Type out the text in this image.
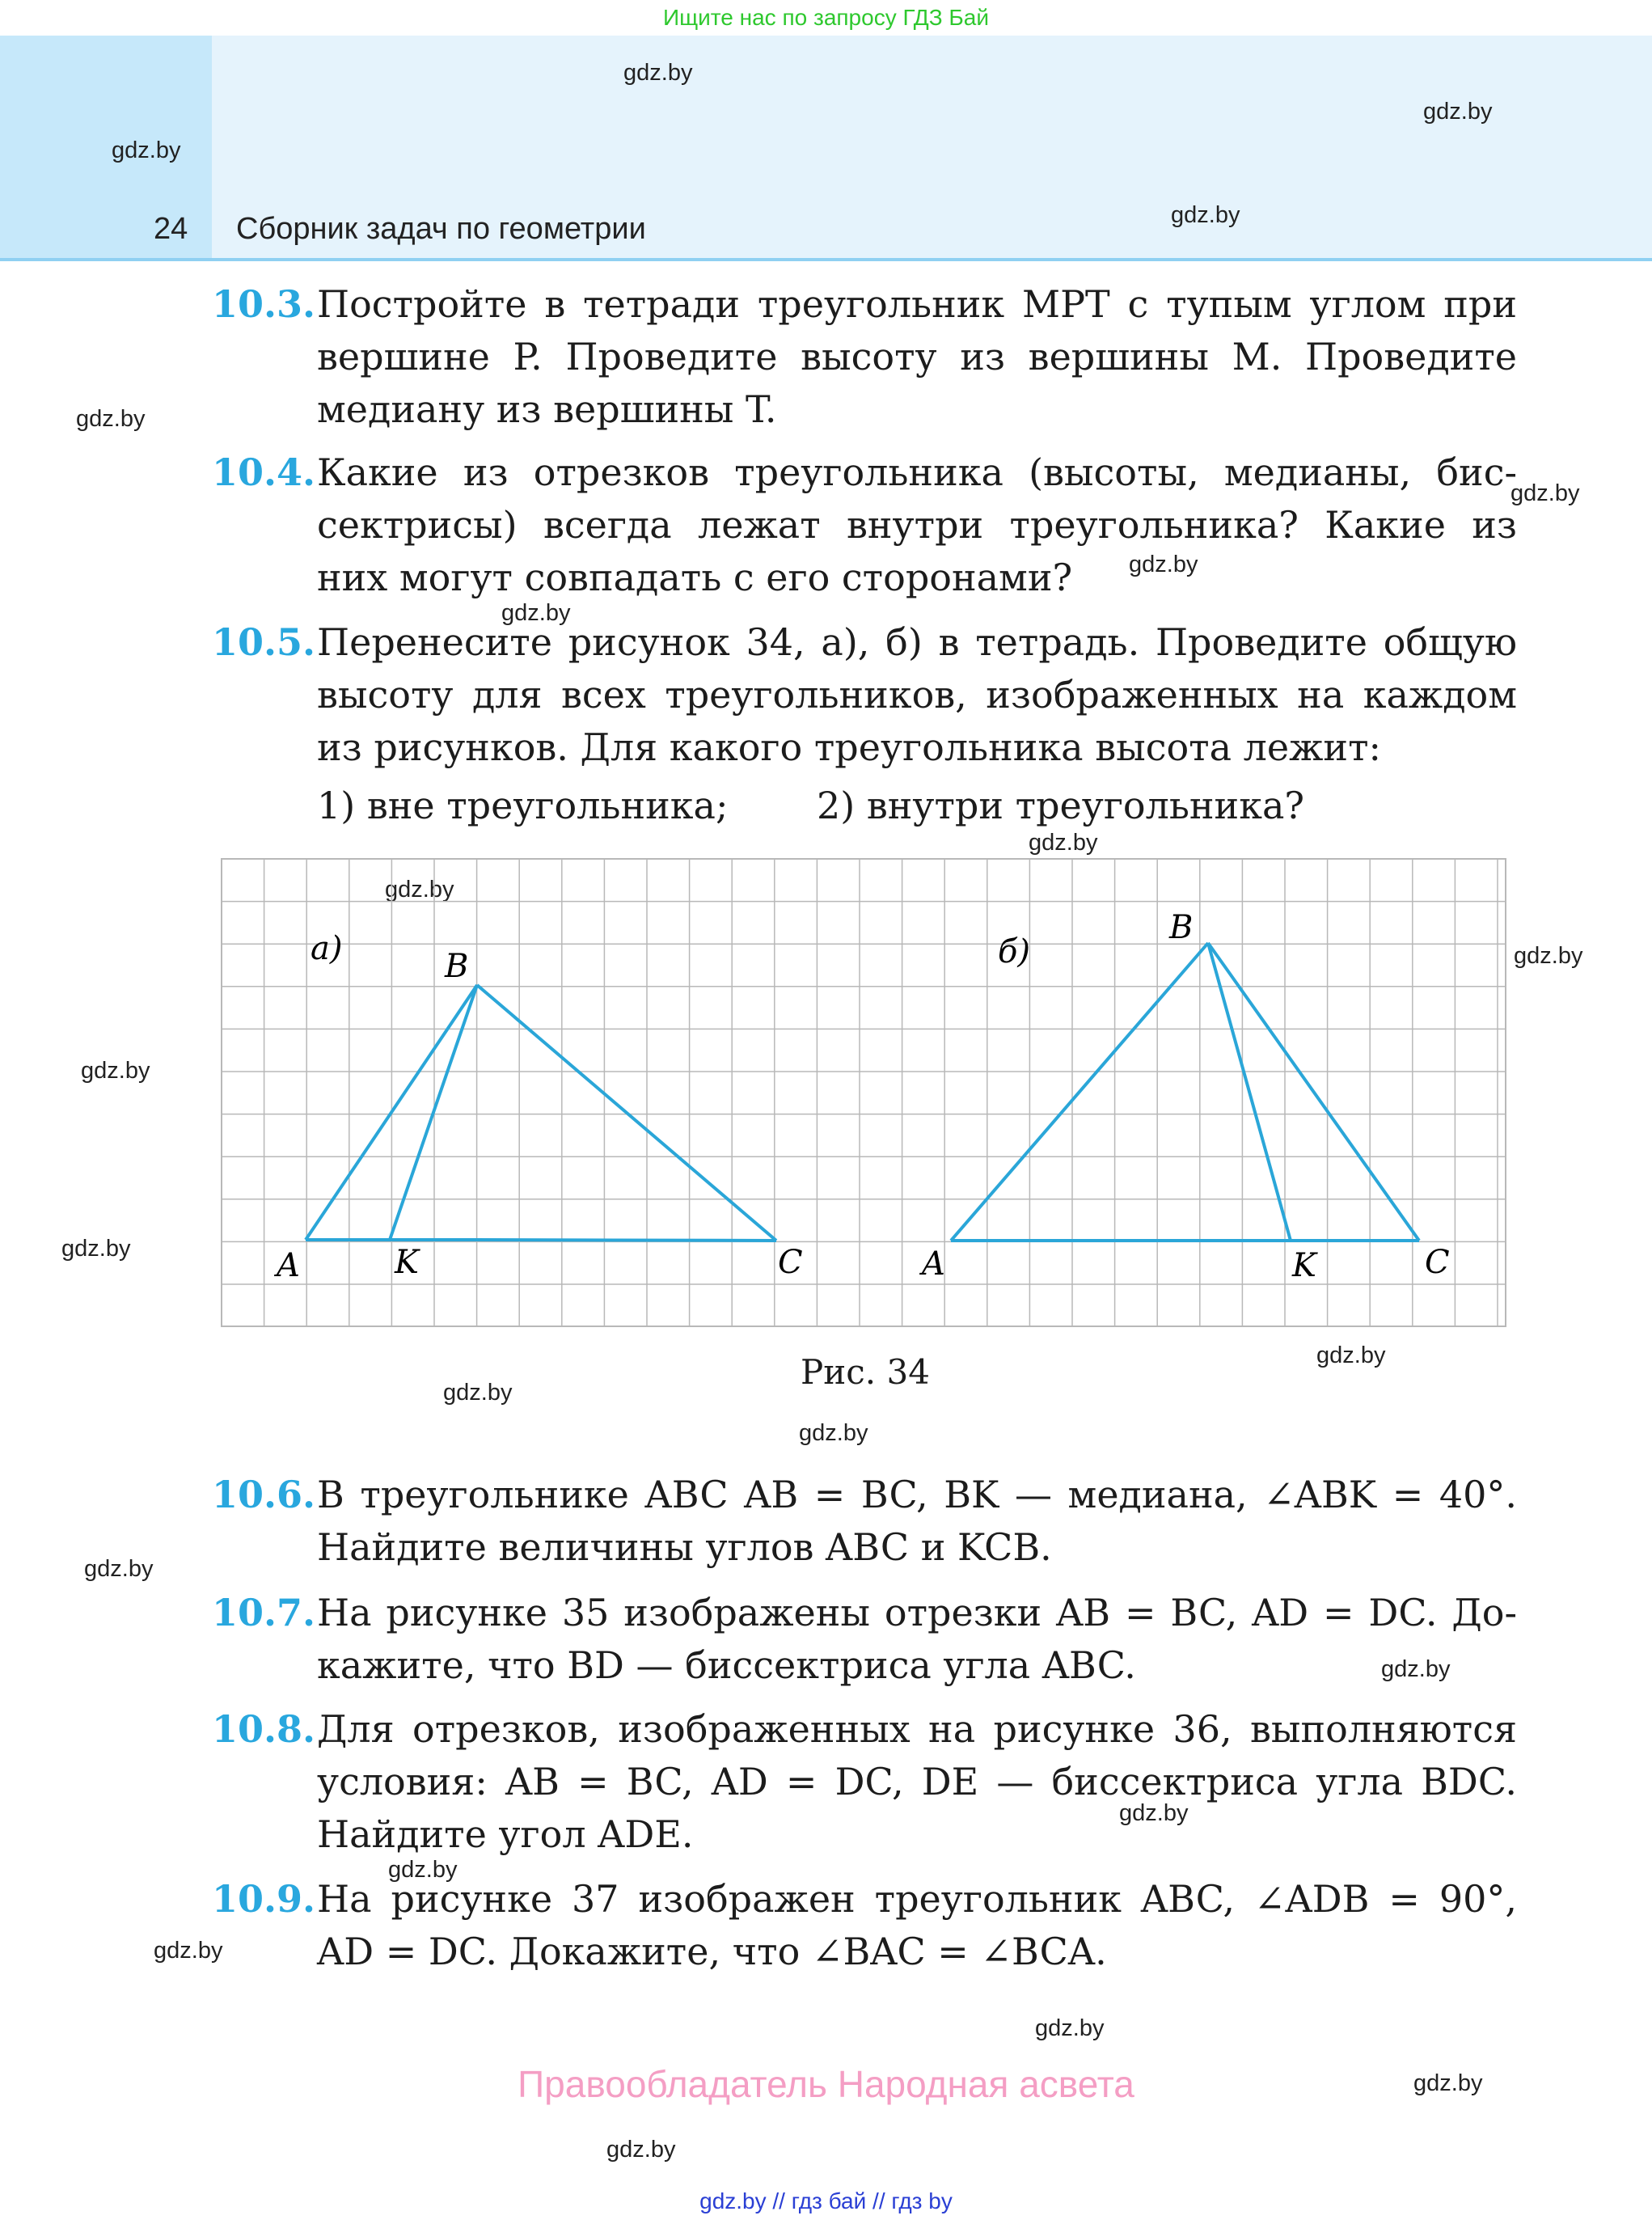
Ищите нас по запросу ГДЗ Бай
24 Сборник задач по геометрии
gdz.by
gdz.by
gdz.by
gdz.by
gdz.by
gdz.by
gdz.by
gdz.by
gdz.by
gdz.by
gdz.by
gdz.by
gdz.by
gdz.by
gdz.by
gdz.by
gdz.by
gdz.by
gdz.by
gdz.by
gdz.by
gdz.by
gdz.by
gdz.by
10.3. Постройте в тетради треугольник MPT с тупым углом при
вершине P. Проведите высоту из вершины M. Проведите
медиану из вершины T.
10.4. Какие из отрезков треугольника (высоты, медианы, бис-
сектрисы) всегда лежат внутри треугольника? Какие из
них могут совпадать с его сторонами?
10.5. Перенесите рисунок 34, а), б) в тетрадь. Проведите общую
высоту для всех треугольников, изображенных на каждом
из рисунков. Для какого треугольника высота лежит:
1) вне треугольника; 2) внутри треугольника?
а)	B
A	K	C
б)
B
A	K	C
Рис. 34
10.6. В треугольнике ABC AB = BC, BK — медиана, ∠ABK = 40°.
Найдите величины углов ABC и KCB.
10.7. На рисунке 35 изображены отрезки AB = BC, AD = DC. До-
кажите, что BD — биссектриса угла ABC.
10.8. Для отрезков, изображенных на рисунке 36, выполняются
условия: AB = BC, AD = DC, DE — биссектриса угла BDC.
Найдите угол ADE.
10.9. На рисунке 37 изображен треугольник ABC, ∠ADB = 90°,
AD = DC. Докажите, что ∠BAC = ∠BCA.
Правообладатель Народная асвета
gdz.by // гдз бай // гдз by
